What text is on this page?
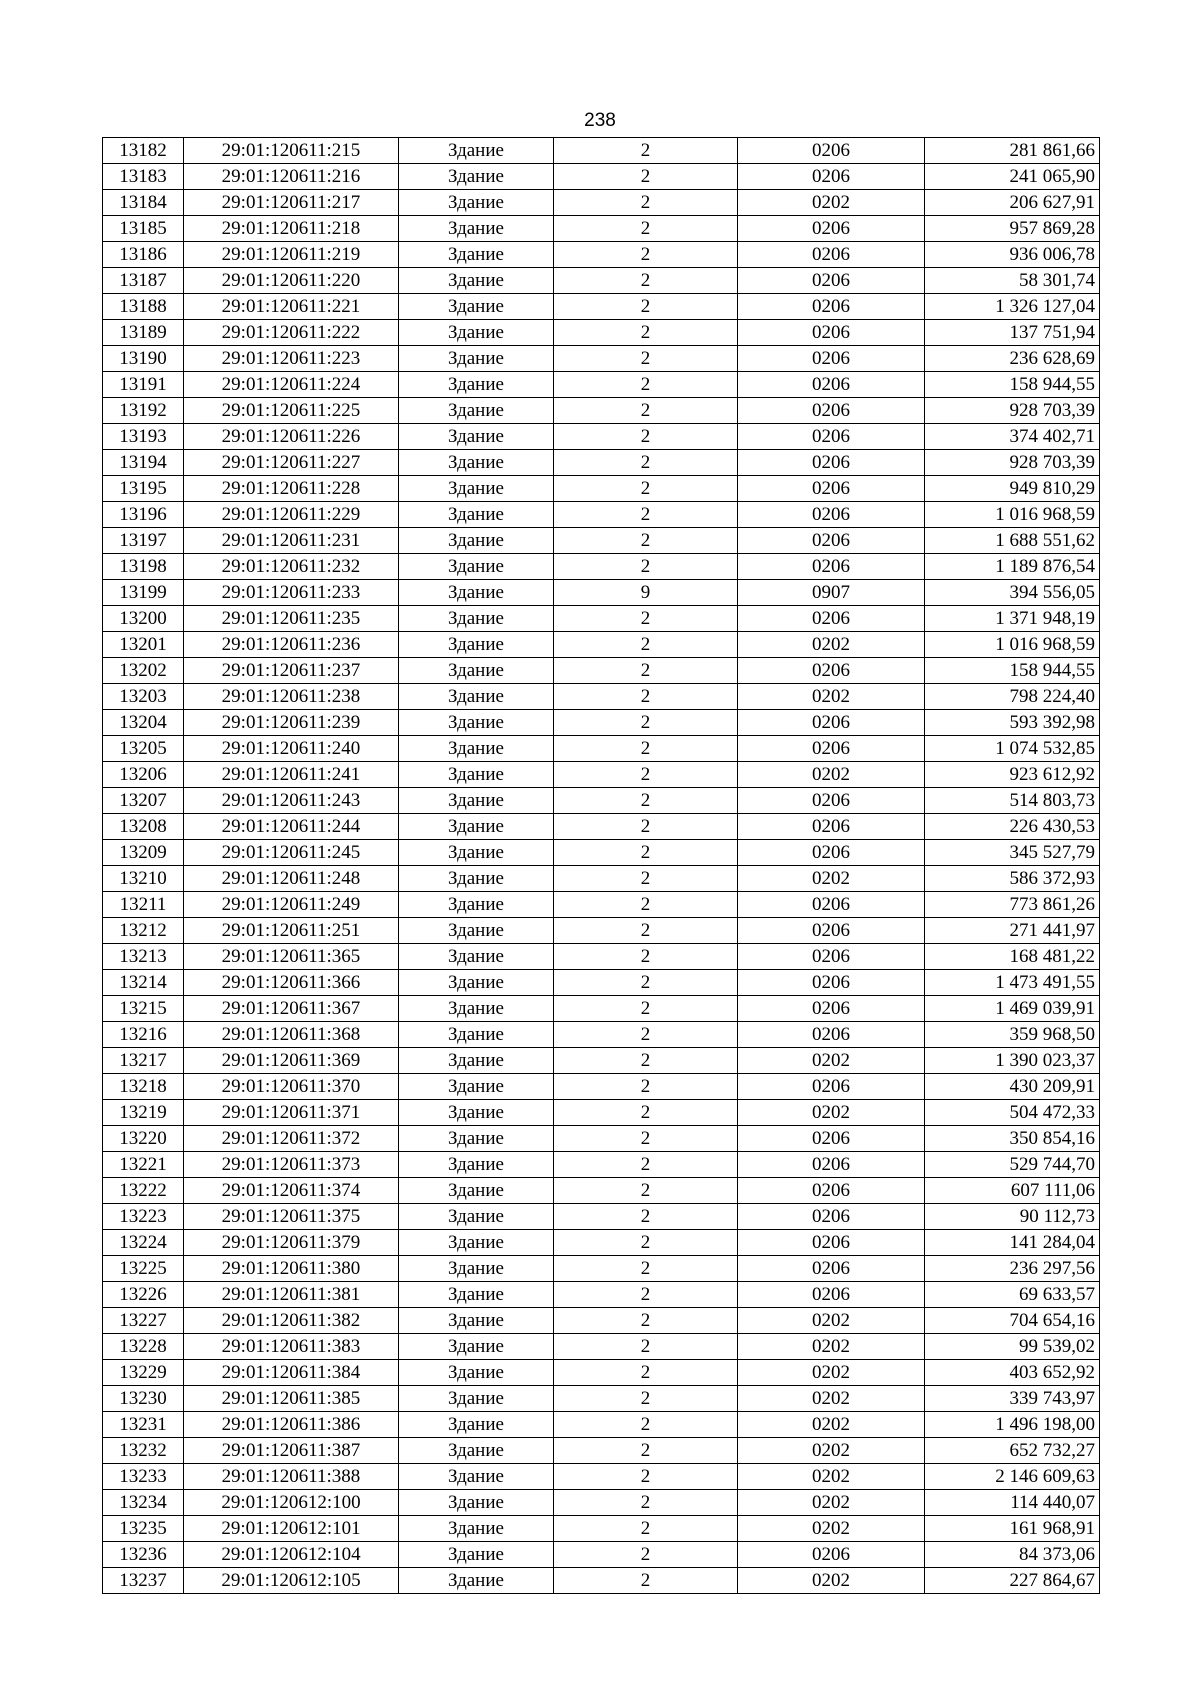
238
13182	29:01:120611:215	Здание	2	0206	281 861,66
13183	29:01:120611:216	Здание	2	0206	241 065,90
13184	29:01:120611:217	Здание	2	0202	206 627,91
13185	29:01:120611:218	Здание	2	0206	957 869,28
13186	29:01:120611:219	Здание	2	0206	936 006,78
13187	29:01:120611:220	Здание	2	0206	58 301,74
13188	29:01:120611:221	Здание	2	0206	1 326 127,04
13189	29:01:120611:222	Здание	2	0206	137 751,94
13190	29:01:120611:223	Здание	2	0206	236 628,69
13191	29:01:120611:224	Здание	2	0206	158 944,55
13192	29:01:120611:225	Здание	2	0206	928 703,39
13193	29:01:120611:226	Здание	2	0206	374 402,71
13194	29:01:120611:227	Здание	2	0206	928 703,39
13195	29:01:120611:228	Здание	2	0206	949 810,29
13196	29:01:120611:229	Здание	2	0206	1 016 968,59
13197	29:01:120611:231	Здание	2	0206	1 688 551,62
13198	29:01:120611:232	Здание	2	0206	1 189 876,54
13199	29:01:120611:233	Здание	9	0907	394 556,05
13200	29:01:120611:235	Здание	2	0206	1 371 948,19
13201	29:01:120611:236	Здание	2	0202	1 016 968,59
13202	29:01:120611:237	Здание	2	0206	158 944,55
13203	29:01:120611:238	Здание	2	0202	798 224,40
13204	29:01:120611:239	Здание	2	0206	593 392,98
13205	29:01:120611:240	Здание	2	0206	1 074 532,85
13206	29:01:120611:241	Здание	2	0202	923 612,92
13207	29:01:120611:243	Здание	2	0206	514 803,73
13208	29:01:120611:244	Здание	2	0206	226 430,53
13209	29:01:120611:245	Здание	2	0206	345 527,79
13210	29:01:120611:248	Здание	2	0202	586 372,93
13211	29:01:120611:249	Здание	2	0206	773 861,26
13212	29:01:120611:251	Здание	2	0206	271 441,97
13213	29:01:120611:365	Здание	2	0206	168 481,22
13214	29:01:120611:366	Здание	2	0206	1 473 491,55
13215	29:01:120611:367	Здание	2	0206	1 469 039,91
13216	29:01:120611:368	Здание	2	0206	359 968,50
13217	29:01:120611:369	Здание	2	0202	1 390 023,37
13218	29:01:120611:370	Здание	2	0206	430 209,91
13219	29:01:120611:371	Здание	2	0202	504 472,33
13220	29:01:120611:372	Здание	2	0206	350 854,16
13221	29:01:120611:373	Здание	2	0206	529 744,70
13222	29:01:120611:374	Здание	2	0206	607 111,06
13223	29:01:120611:375	Здание	2	0206	90 112,73
13224	29:01:120611:379	Здание	2	0206	141 284,04
13225	29:01:120611:380	Здание	2	0206	236 297,56
13226	29:01:120611:381	Здание	2	0206	69 633,57
13227	29:01:120611:382	Здание	2	0202	704 654,16
13228	29:01:120611:383	Здание	2	0202	99 539,02
13229	29:01:120611:384	Здание	2	0202	403 652,92
13230	29:01:120611:385	Здание	2	0202	339 743,97
13231	29:01:120611:386	Здание	2	0202	1 496 198,00
13232	29:01:120611:387	Здание	2	0202	652 732,27
13233	29:01:120611:388	Здание	2	0202	2 146 609,63
13234	29:01:120612:100	Здание	2	0202	114 440,07
13235	29:01:120612:101	Здание	2	0202	161 968,91
13236	29:01:120612:104	Здание	2	0206	84 373,06
13237	29:01:120612:105	Здание	2	0202	227 864,67
